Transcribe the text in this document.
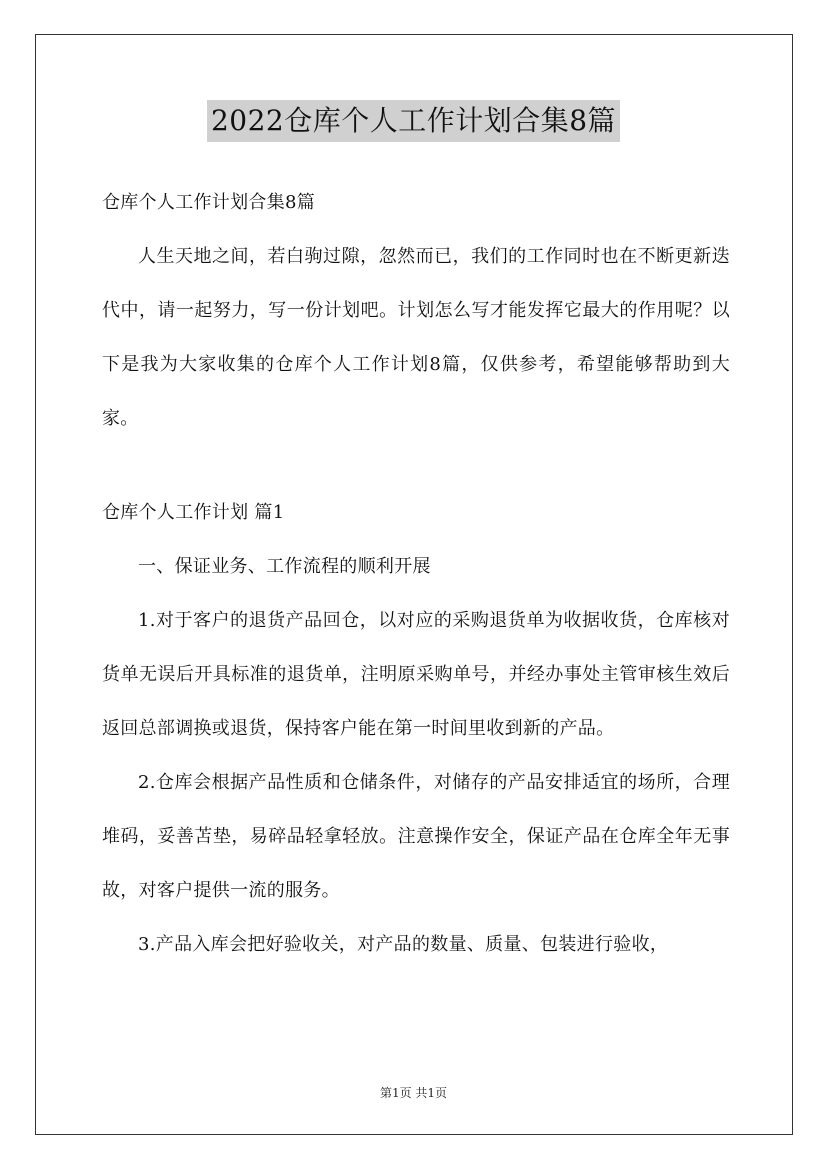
2022仓库个人工作计划合集8篇

仓库个人工作计划合集8篇

人生天地之间，若白驹过隙，忽然而已，我们的工作同时也在不断更新迭代中，请一起努力，写一份计划吧。计划怎么写才能发挥它最大的作用呢？以下是我为大家收集的仓库个人工作计划8篇，仅供参考，希望能够帮助到大家。

仓库个人工作计划 篇1

一、保证业务、工作流程的顺利开展

1.对于客户的退货产品回仓，以对应的采购退货单为收据收货，仓库核对货单无误后开具标准的退货单，注明原采购单号，并经办事处主管审核生效后返回总部调换或退货，保持客户能在第一时间里收到新的产品。

2.仓库会根据产品性质和仓储条件，对储存的产品安排适宜的场所，合理堆码，妥善苫垫，易碎品轻拿轻放。注意操作安全，保证产品在仓库全年无事故，对客户提供一流的服务。

3.产品入库会把好验收关，对产品的数量、质量、包装进行验收，

第1页 共1页
